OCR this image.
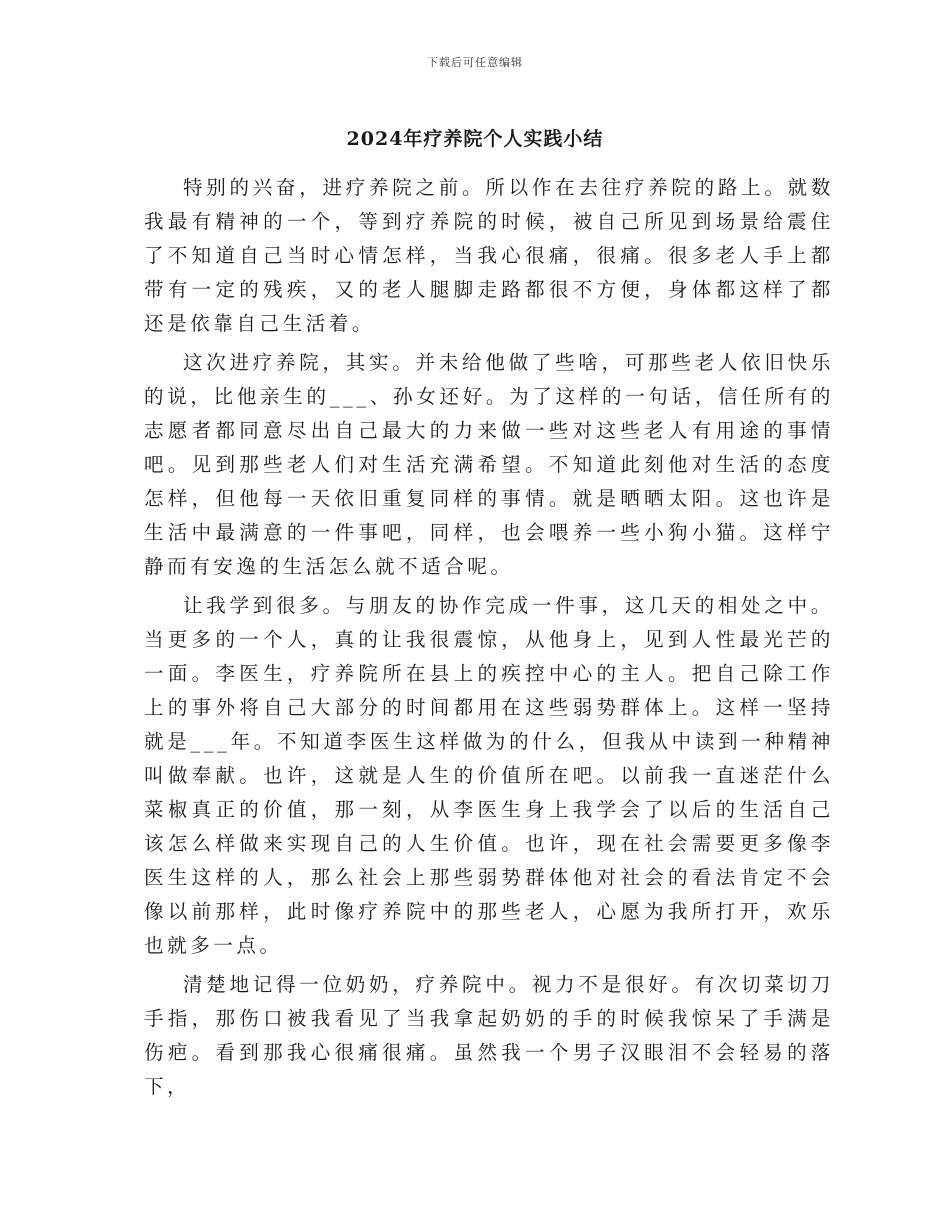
下载后可任意编辑
2024年疗养院个人实践小结

特别的兴奋，进疗养院之前。所以作在去往疗养院的路上。就数我最有精神的一个，等到疗养院的时候，被自己所见到场景给震住了不知道自己当时心情怎样，当我心很痛，很痛。很多老人手上都带有一定的残疾，又的老人腿脚走路都很不方便，身体都这样了都还是依靠自己生活着。

这次进疗养院，其实。并未给他做了些啥，可那些老人依旧快乐的说，比他亲生的___、孙女还好。为了这样的一句话，信任所有的志愿者都同意尽出自己最大的力来做一些对这些老人有用途的事情吧。见到那些老人们对生活充满希望。不知道此刻他对生活的态度怎样，但他每一天依旧重复同样的事情。就是晒晒太阳。这也许是生活中最满意的一件事吧，同样，也会喂养一些小狗小猫。这样宁静而有安逸的生活怎么就不适合呢。

让我学到很多。与朋友的协作完成一件事，这几天的相处之中。当更多的一个人，真的让我很震惊，从他身上，见到人性最光芒的一面。李医生，疗养院所在县上的疾控中心的主人。把自己除工作上的事外将自己大部分的时间都用在这些弱势群体上。这样一坚持就是___年。不知道李医生这样做为的什么，但我从中读到一种精神叫做奉献。也许，这就是人生的价值所在吧。以前我一直迷茫什么菜椒真正的价值，那一刻，从李医生身上我学会了以后的生活自己该怎么样做来实现自己的人生价值。也许，现在社会需要更多像李医生这样的人，那么社会上那些弱势群体他对社会的看法肯定不会像以前那样，此时像疗养院中的那些老人，心愿为我所打开，欢乐也就多一点。

清楚地记得一位奶奶，疗养院中。视力不是很好。有次切菜切刀手指，那伤口被我看见了当我拿起奶奶的手的时候我惊呆了手满是伤疤。看到那我心很痛很痛。虽然我一个男子汉眼泪不会轻易的落下，
